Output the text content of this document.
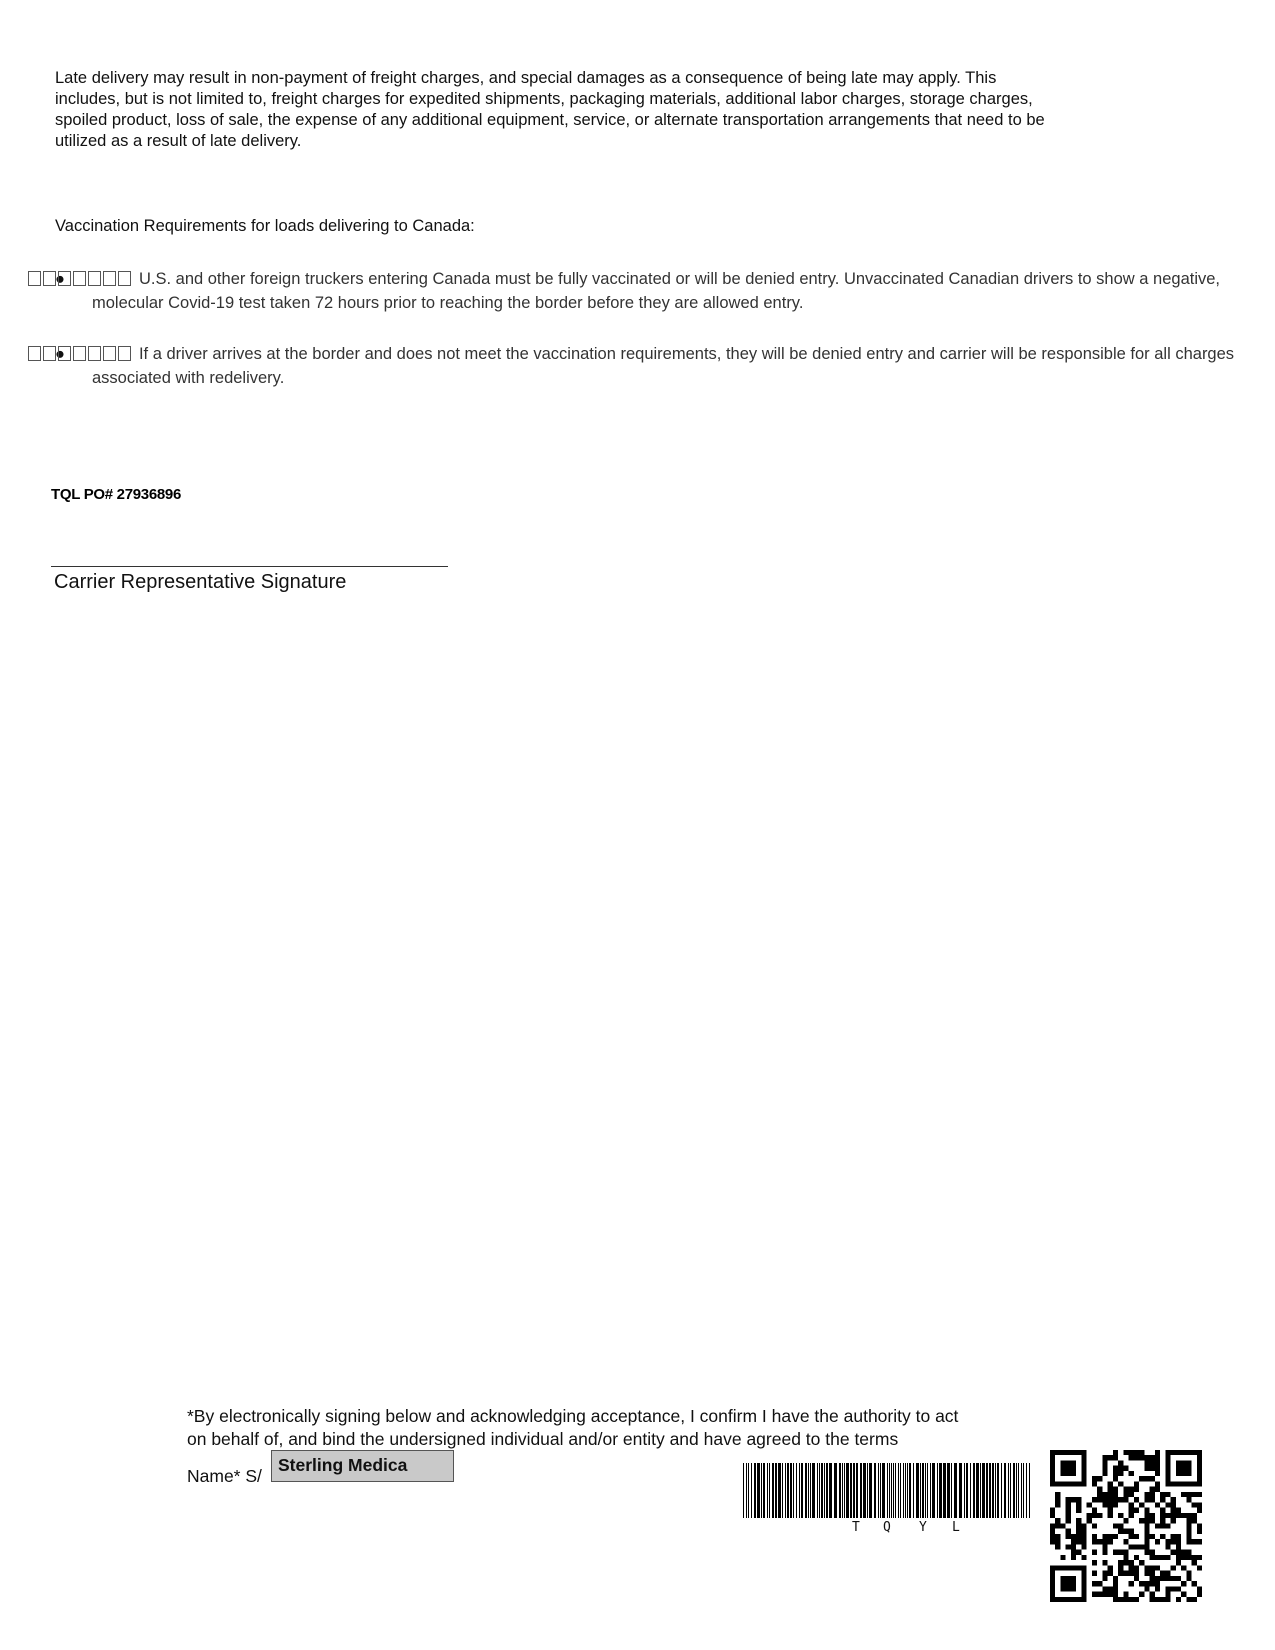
Late delivery may result in non-payment of freight charges, and special damages as a consequence of being late may apply. This
includes, but is not limited to, freight charges for expedited shipments, packaging materials, additional labor charges, storage charges,
spoiled product, loss of sale, the expense of any additional equipment, service, or alternate transportation arrangements that need to be
utilized as a result of late delivery.
Vaccination Requirements for loads delivering to Canada:
●	U.S. and other foreign truckers entering Canada must be fully vaccinated or will be denied entry. Unvaccinated Canadian drivers to show a negative, molecular Covid-19 test taken 72 hours prior to reaching the border before they are allowed entry.
●	If a driver arrives at the border and does not meet the vaccination requirements, they will be denied entry and carrier will be responsible for all charges associated with redelivery.
TQL PO# 27936896
Carrier Representative Signature
*By electronically signing below and acknowledging acceptance, I confirm I have the authority to act
on behalf of, and bind the undersigned individual and/or entity and have agreed to the terms
Name* S/
Sterling Medica
T Q Y L
